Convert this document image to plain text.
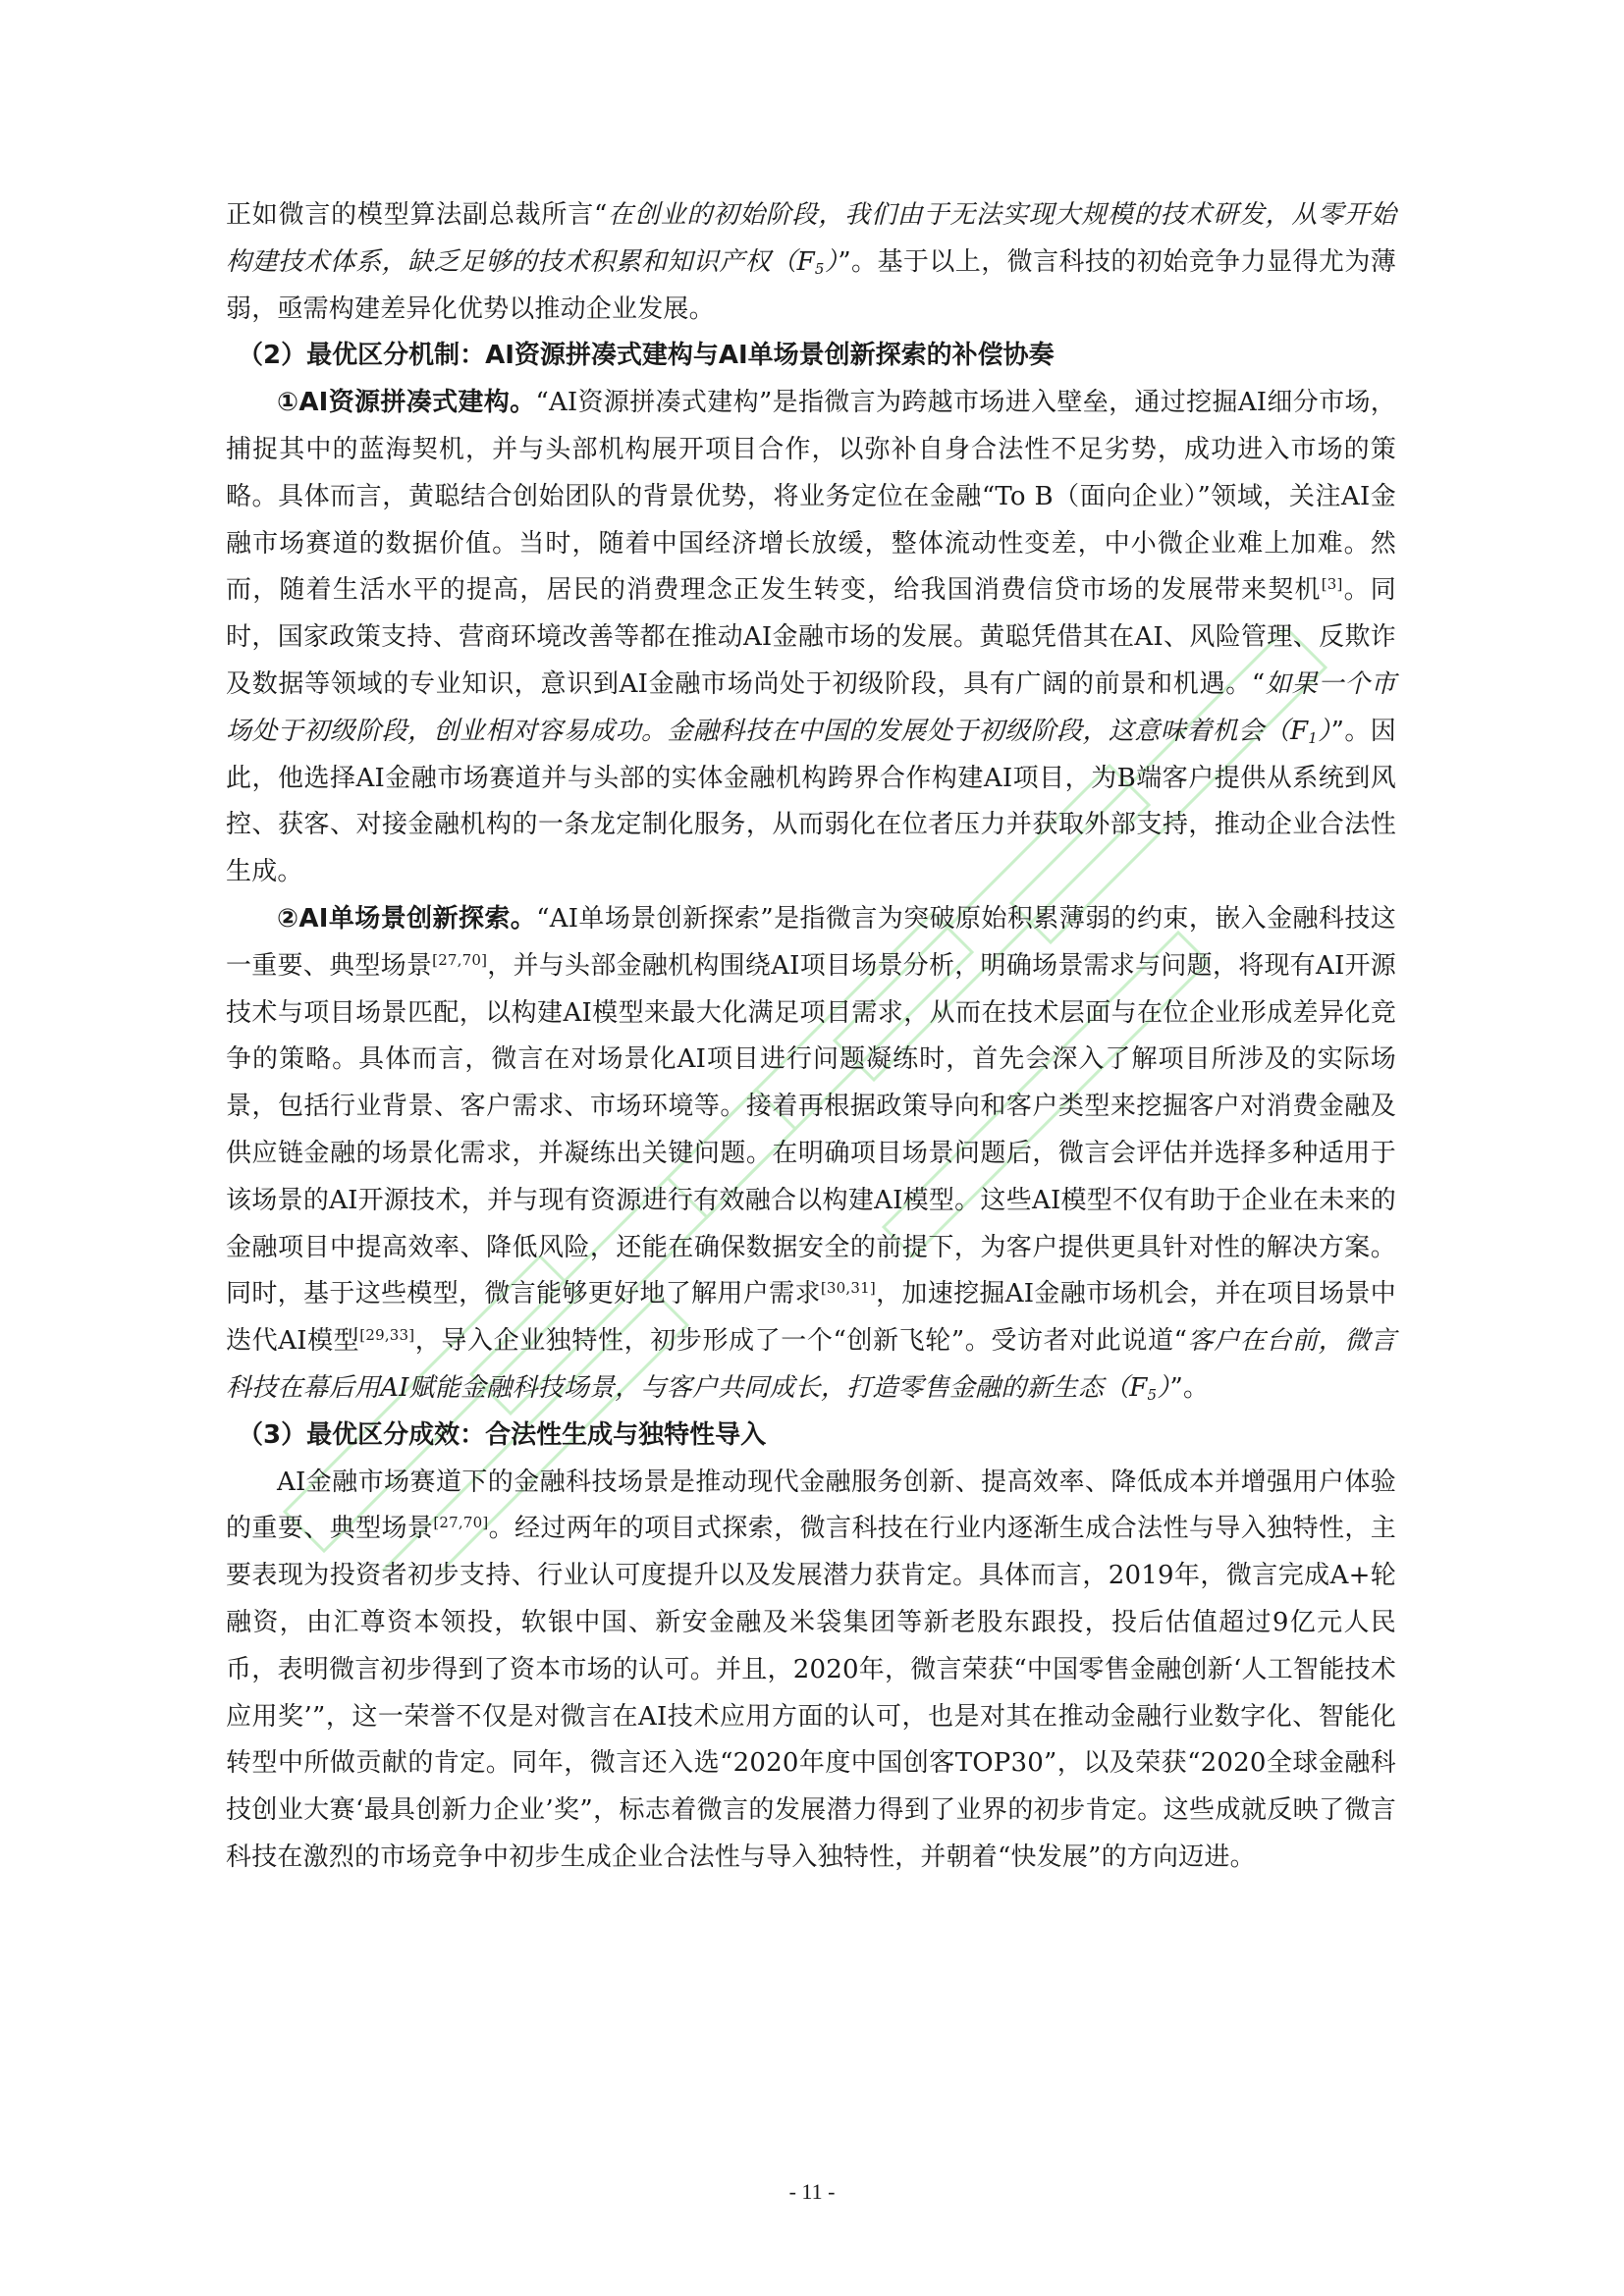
正如微言的模型算法副总裁所言“在创业的初始阶段，我们由于无法实现大规模的技术研发，从零开始构建技术体系，缺乏足够的技术积累和知识产权$(F_5)$”。基于以上，微言科技的初始竞争力显得尤为薄弱，亟需构建差异化优势以推动企业发展。

（2）最优区分机制：AI资源拼凑式建构与AI单场景创新探索的补偿协奏

①AI资源拼凑式建构。“AI资源拼凑式建构”是指微言为跨越市场进入壁垒，通过挖掘AI细分市场，捕捉其中的蓝海契机，并与头部机构展开项目合作，以弥补自身合法性不足劣势，成功进入市场的策略。具体而言，黄聪结合创始团队的背景优势，将业务定位在金融“To B（面向企业）”领域，关注AI金融市场赛道的数据价值。当时，随着中国经济增长放缓，整体流动性变差，中小微企业难上加难。然而，随着生活水平的提高，居民的消费理念正发生转变，给我国消费信贷市场的发展带来契机[3]。同时，国家政策支持、营商环境改善等都在推动AI金融市场的发展。黄聪凭借其在AI、风险管理、反欺诈及数据等领域的专业知识，意识到AI金融市场尚处于初级阶段，具有广阔的前景和机遇。“如果一个市场处于初级阶段，创业相对容易成功。金融科技在中国的发展处于初级阶段，这意味着机会$(F_1)$”。因此，他选择AI金融市场赛道并与头部的实体金融机构跨界合作构建AI项目，为B端客户提供从系统到风控、获客、对接金融机构的一条龙定制化服务，从而弱化在位者压力并获取外部支持，推动企业合法性生成。

②AI单场景创新探索。“AI单场景创新探索”是指微言为突破原始积累薄弱的约束，嵌入金融科技这一重要、典型场景[27,70]，并与头部金融机构围绕AI项目场景分析，明确场景需求与问题，将现有AI开源技术与项目场景匹配，以构建AI模型来最大化满足项目需求，从而在技术层面与在位企业形成差异化竞争的策略。具体而言，微言在对场景化AI项目进行问题凝练时，首先会深入了解项目所涉及的实际场景，包括行业背景、客户需求、市场环境等。接着再根据政策导向和客户类型来挖掘客户对消费金融及供应链金融的场景化需求，并凝练出关键问题。在明确项目场景问题后，微言会评估并选择多种适用于该场景的AI开源技术，并与现有资源进行有效融合以构建AI模型。这些AI模型不仅有助于企业在未来的金融项目中提高效率、降低风险，还能在确保数据安全的前提下，为客户提供更具针对性的解决方案。同时，基于这些模型，微言能够更好地了解用户需求[30,31]，加速挖掘AI金融市场机会，并在项目场景中迭代AI模型[29,33]，导入企业独特性，初步形成了一个“创新飞轮”。受访者对此说道“客户在台前，微言科技在幕后用AI赋能金融科技场景，与客户共同成长，打造零售金融的新生态$(F_5)$”。

（3）最优区分成效：合法性生成与独特性导入

AI金融市场赛道下的金融科技场景是推动现代金融服务创新、提高效率、降低成本并增强用户体验的重要、典型场景[27,70]。经过两年的项目式探索，微言科技在行业内逐渐生成合法性与导入独特性，主要表现为投资者初步支持、行业认可度提升以及发展潜力获肯定。具体而言，2019年，微言完成A+轮融资，由汇尊资本领投，软银中国、新安金融及米袋集团等新老股东跟投，投后估值超过9亿元人民币，表明微言初步得到了资本市场的认可。并且，2020年，微言荣获“中国零售金融创新‘人工智能技术应用奖’”，这一荣誉不仅是对微言在AI技术应用方面的认可，也是对其在推动金融行业数字化、智能化转型中所做贡献的肯定。同年，微言还入选“2020年度中国创客TOP30”，以及荣获“2020全球金融科技创业大赛‘最具创新力企业’奖”，标志着微言的发展潜力得到了业界的初步肯定。这些成就反映了微言科技在激烈的市场竞争中初步生成企业合法性与导入独特性，并朝着“快发展”的方向迈进。

- 11 -
